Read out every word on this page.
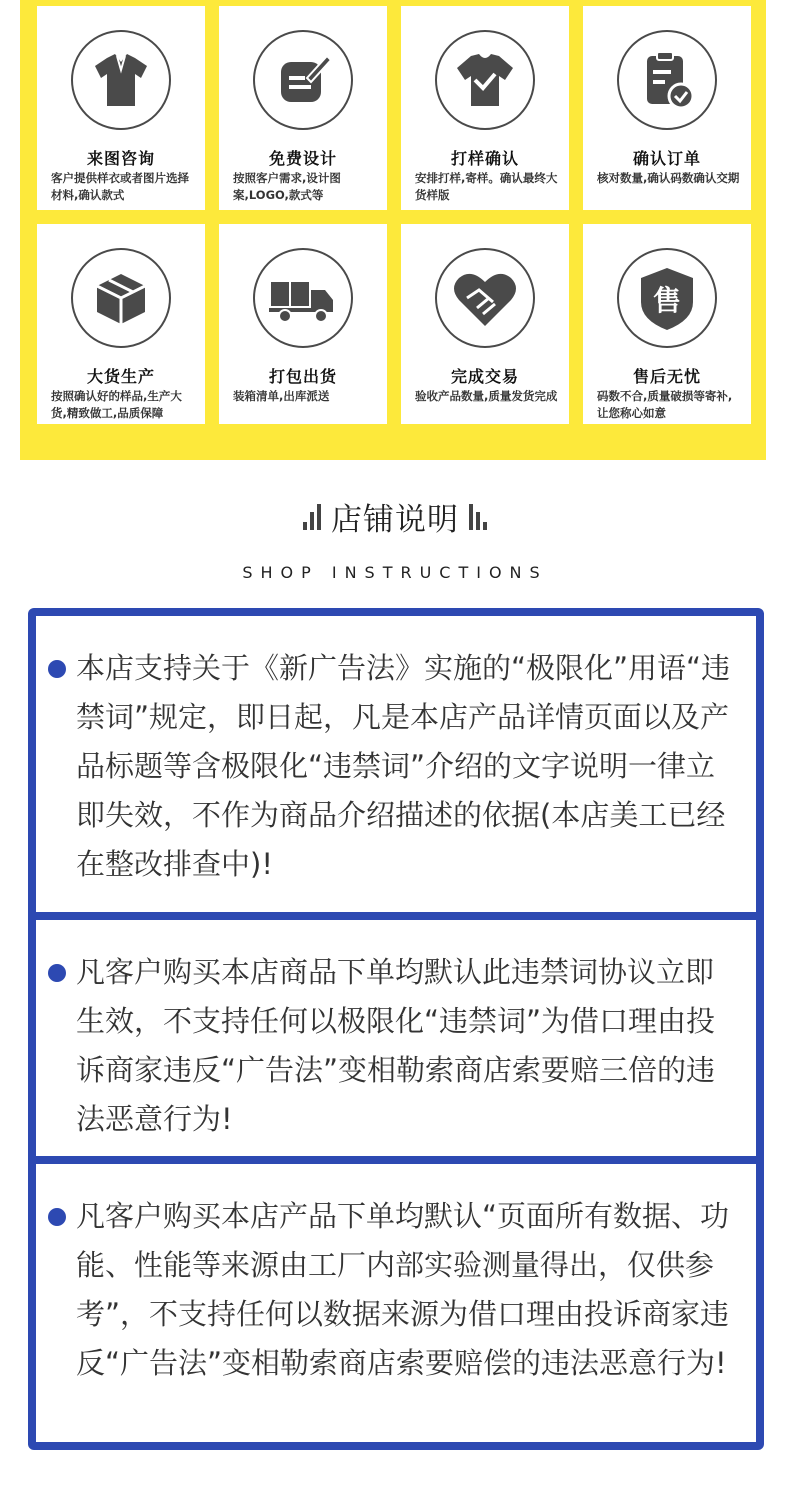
来图咨询
客户提供样衣或者图片选择材料,确认款式
免费设计
按照客户需求,设计图案,LOGO,款式等
打样确认
安排打样,寄样。确认最终大货样版
确认订单
核对数量,确认码数确认交期
大货生产
按照确认好的样品,生产大货,精致做工,品质保障
打包出货
装箱清单,出库派送
完成交易
验收产品数量,质量发货完成
售
售后无忧
码数不合,质量破损等寄补,让您称心如意
店铺说明
SHOP INSTRUCTIONS
本店支持关于《新广告法》实施的“极限化”用语“违禁词”规定，即日起，凡是本店产品详情页面以及产品标题等含极限化“违禁词”介绍的文字说明一律立即失效，不作为商品介绍描述的依据(本店美工已经在整改排查中)!
凡客户购买本店商品下单均默认此违禁词协议立即生效，不支持任何以极限化“违禁词”为借口理由投诉商家违反“广告法”变相勒索商店索要赔三倍的违法恶意行为!
凡客户购买本店产品下单均默认“页面所有数据、功能、性能等来源由工厂内部实验测量得出，仅供参考”，不支持任何以数据来源为借口理由投诉商家违反“广告法”变相勒索商店索要赔偿的违法恶意行为!
